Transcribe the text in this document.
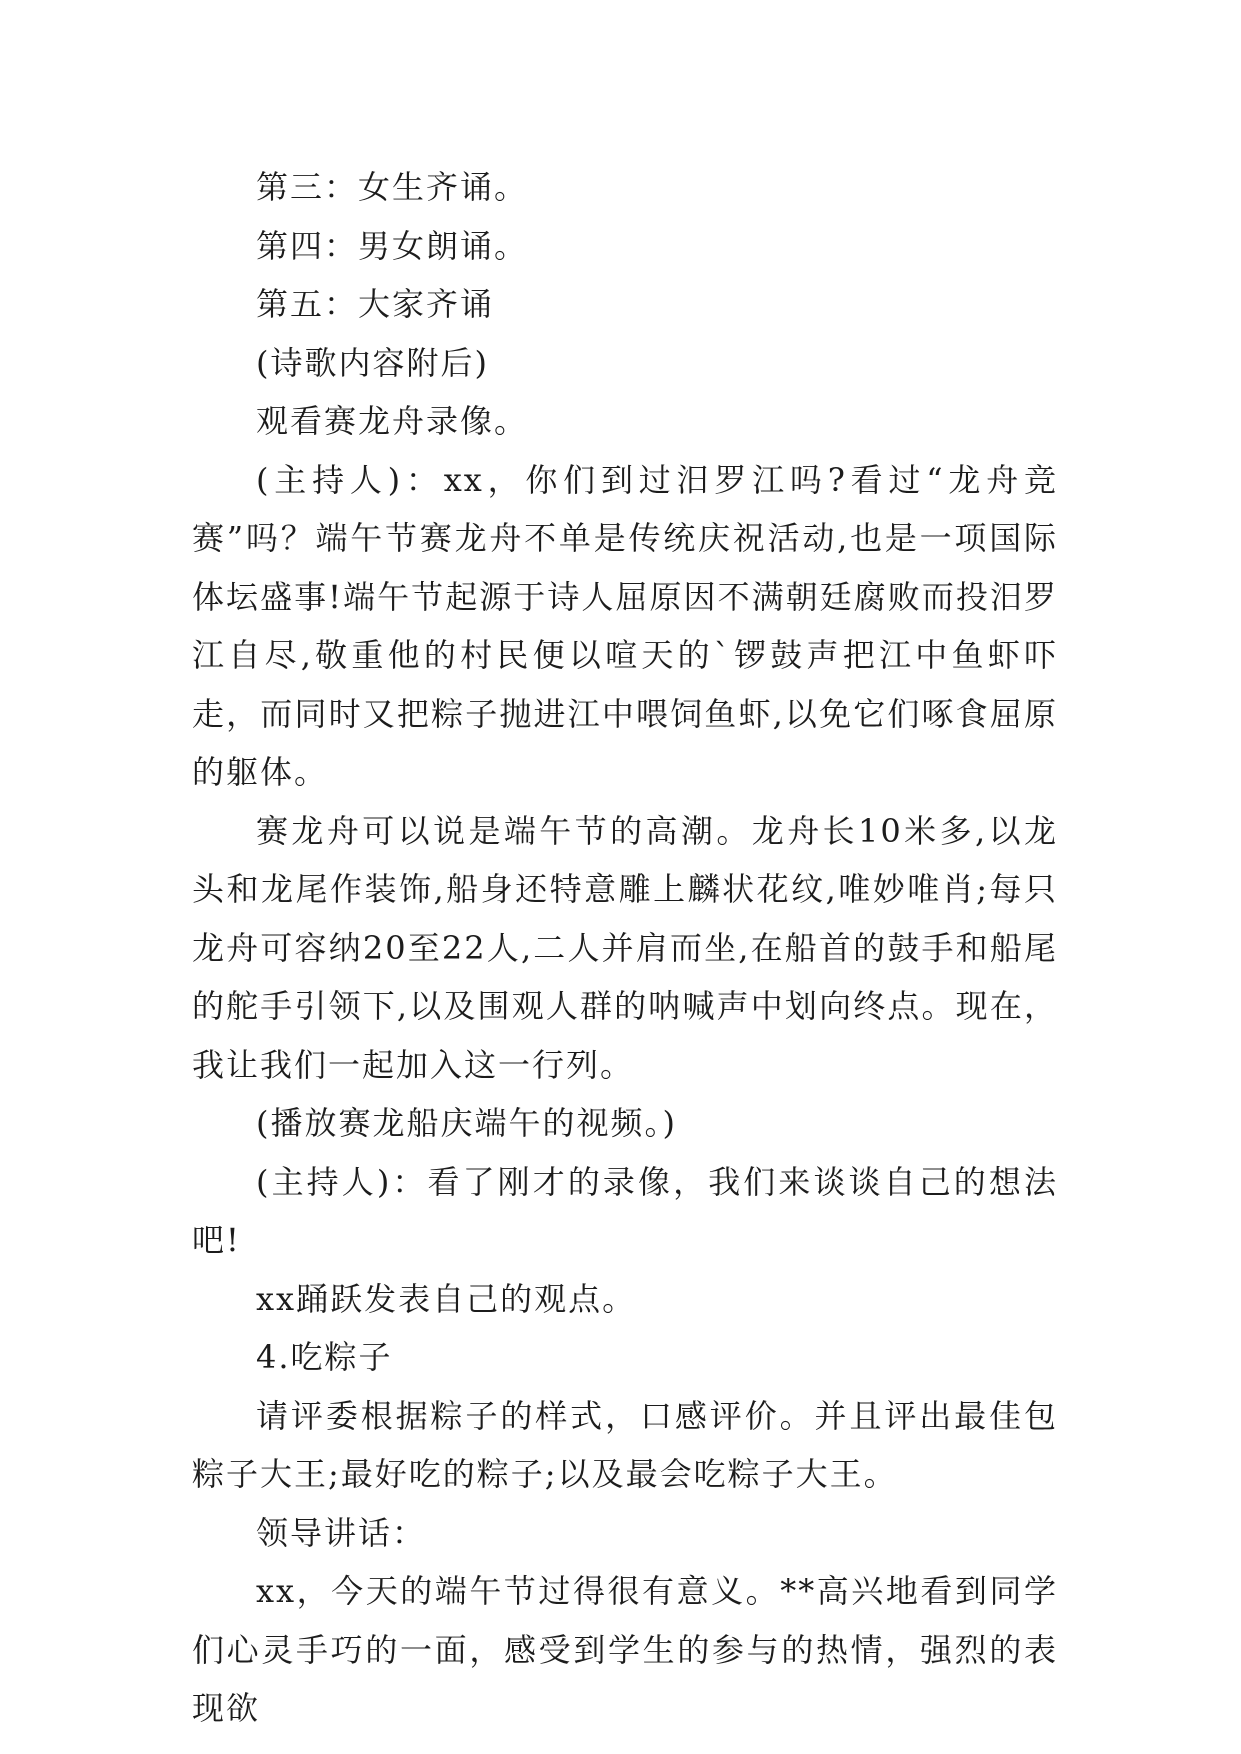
第三：女生齐诵。

第四：男女朗诵。

第五：大家齐诵

(诗歌内容附后)

观看赛龙舟录像。

(主持人)：xx，你们到过汨罗江吗?看过“龙舟竞赛”吗？端午节赛龙舟不单是传统庆祝活动,也是一项国际体坛盛事!端午节起源于诗人屈原因不满朝廷腐败而投汨罗江自尽,敬重他的村民便以喧天的`锣鼓声把江中鱼虾吓走，而同时又把粽子抛进江中喂饲鱼虾,以免它们啄食屈原的躯体。

赛龙舟可以说是端午节的高潮。龙舟长10米多,以龙头和龙尾作装饰,船身还特意雕上麟状花纹,唯妙唯肖;每只龙舟可容纳20至22人,二人并肩而坐,在船首的鼓手和船尾的舵手引领下,以及围观人群的呐喊声中划向终点。现在，我让我们一起加入这一行列。

(播放赛龙船庆端午的视频。)

(主持人)：看了刚才的录像，我们来谈谈自己的想法吧!

xx踊跃发表自己的观点。

4.吃粽子

请评委根据粽子的样式，口感评价。并且评出最佳包粽子大王;最好吃的粽子;以及最会吃粽子大王。

领导讲话：

xx，今天的端午节过得很有意义。**高兴地看到同学们心灵手巧的一面，感受到学生的参与的热情，强烈的表现欲
